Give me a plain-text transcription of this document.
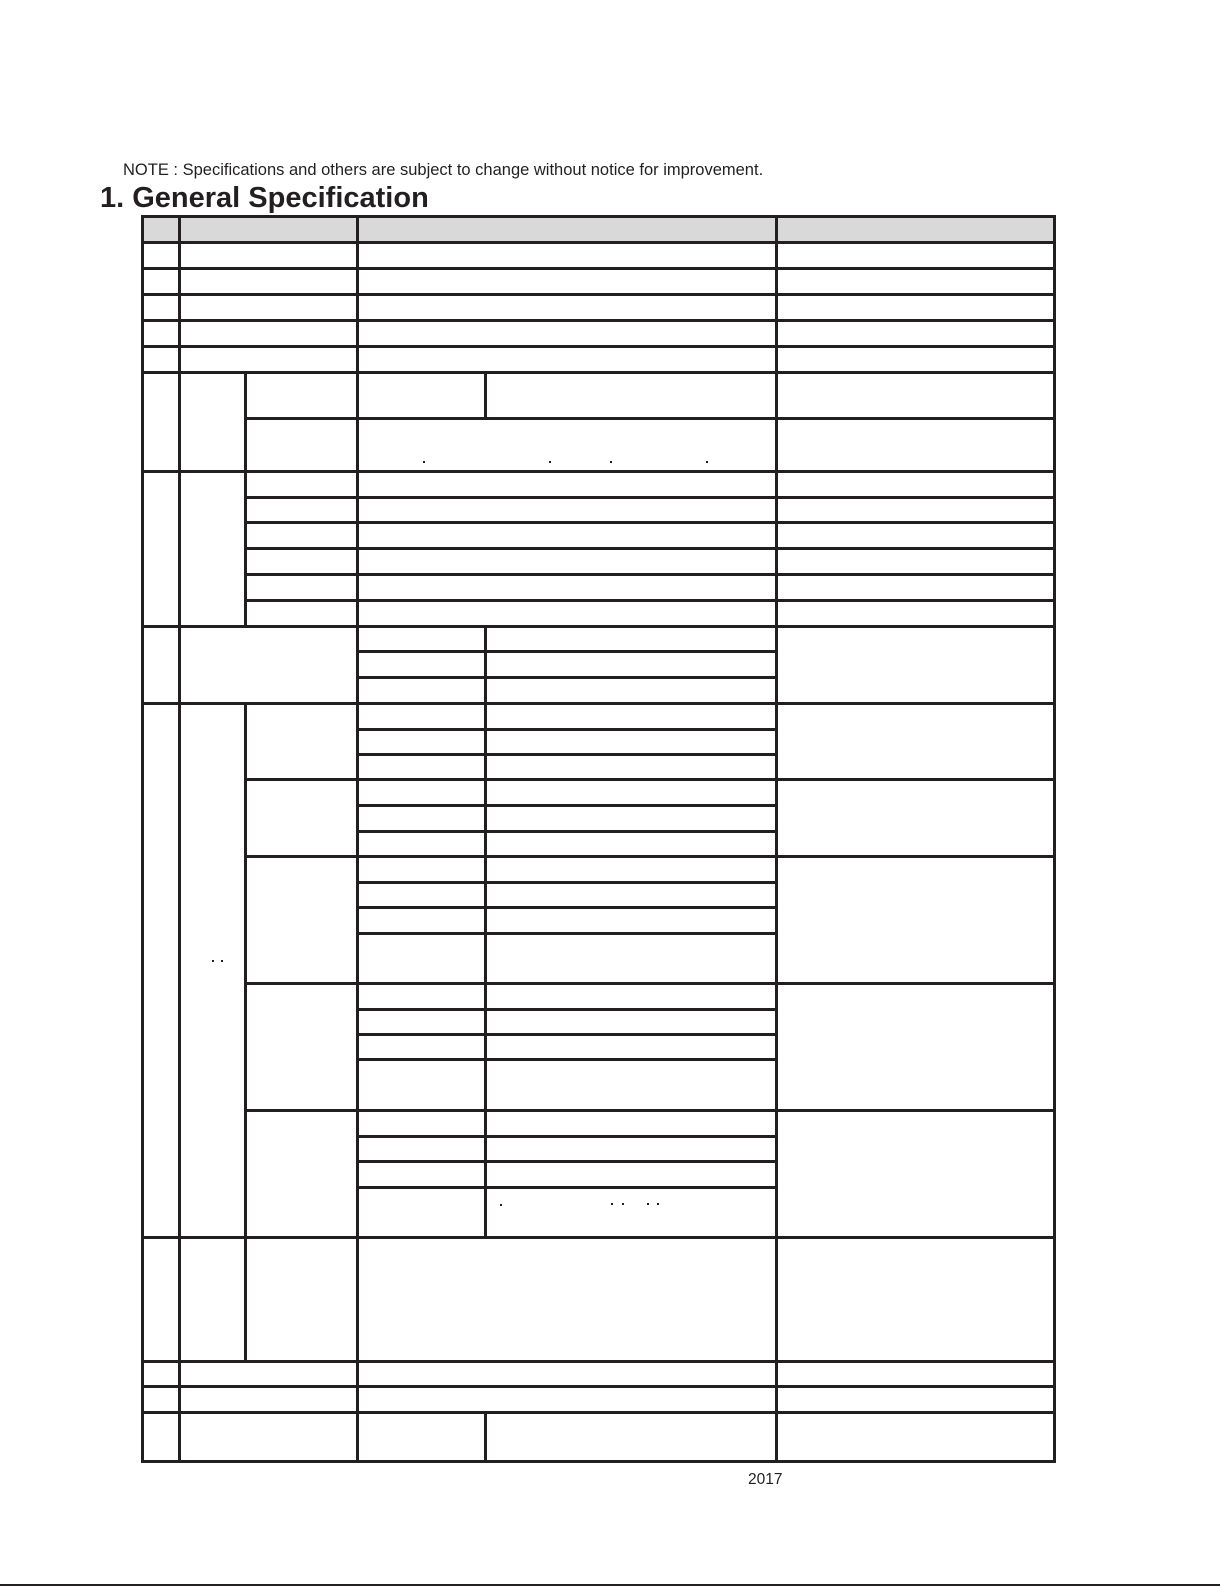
NOTE : Specifications and others are subject to change without notice for improvement.
1. General Specification
2017
